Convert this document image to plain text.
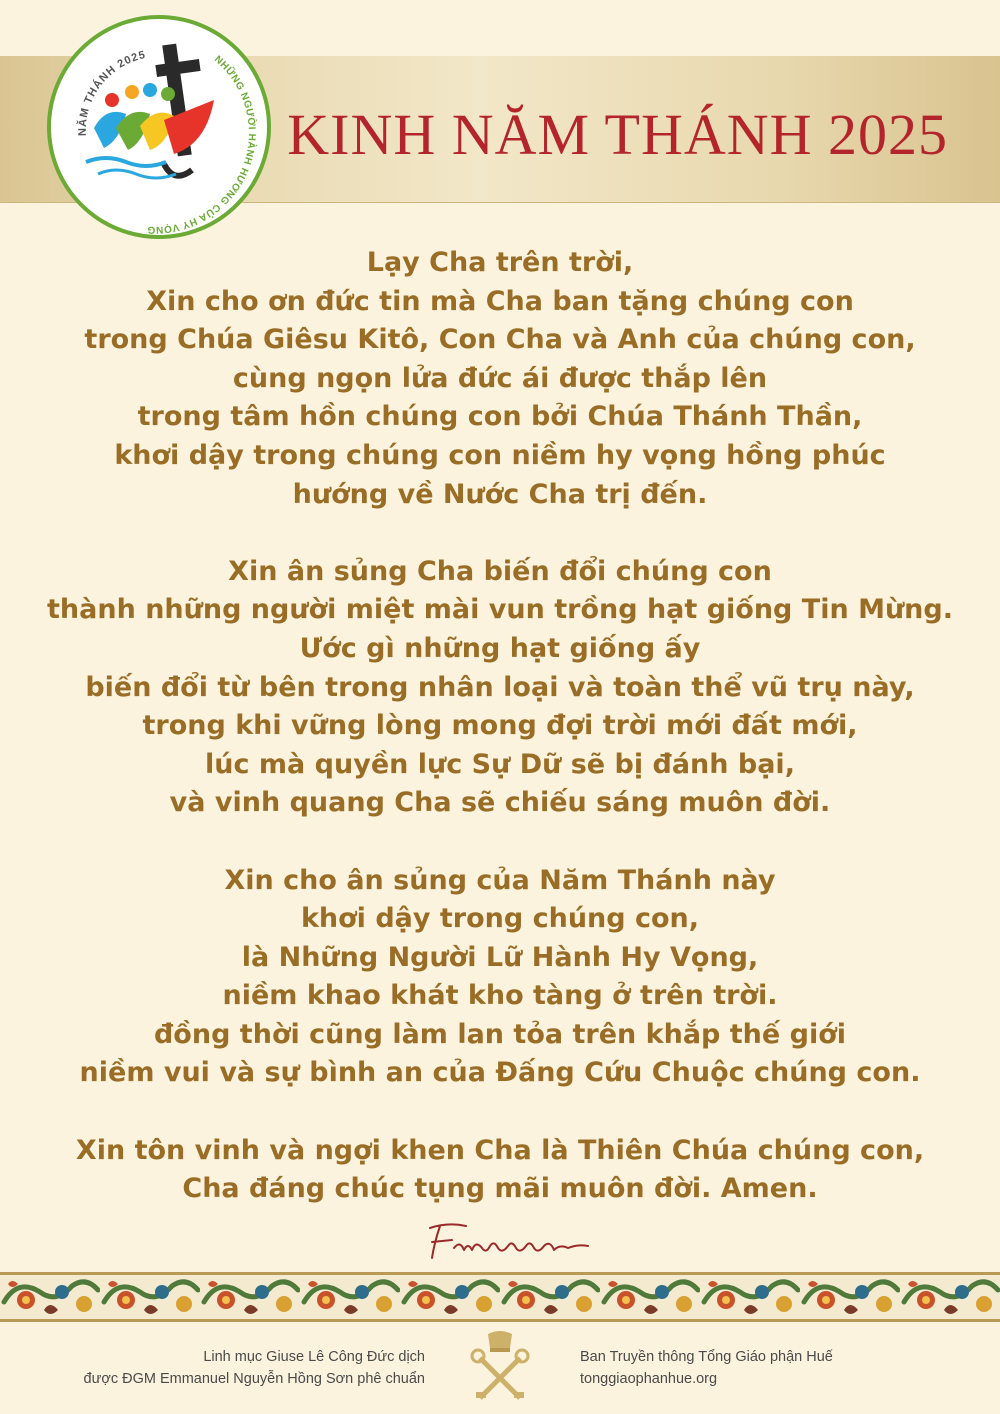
KINH NĂM THÁNH 2025
NĂM THÁNH 2025	NHỮNG NGƯỜI HÀNH HƯƠNG CỦA HY VỌNG
Lạy Cha trên trời,
Xin cho ơn đức tin mà Cha ban tặng chúng con
trong Chúa Giêsu Kitô, Con Cha và Anh của chúng con,
cùng ngọn lửa đức ái được thắp lên
trong tâm hồn chúng con bởi Chúa Thánh Thần,
khơi dậy trong chúng con niềm hy vọng hồng phúc
hướng về Nước Cha trị đến.
Xin ân sủng Cha biến đổi chúng con
thành những người miệt mài vun trồng hạt giống Tin Mừng.
Ước gì những hạt giống ấy
biến đổi từ bên trong nhân loại và toàn thể vũ trụ này,
trong khi vững lòng mong đợi trời mới đất mới,
lúc mà quyền lực Sự Dữ sẽ bị đánh bại,
và vinh quang Cha sẽ chiếu sáng muôn đời.
Xin cho ân sủng của Năm Thánh này
khơi dậy trong chúng con,
là Những Người Lữ Hành Hy Vọng,
niềm khao khát kho tàng ở trên trời.
đồng thời cũng làm lan tỏa trên khắp thế giới
niềm vui và sự bình an của Đấng Cứu Chuộc chúng con.
Xin tôn vinh và ngợi khen Cha là Thiên Chúa chúng con,
Cha đáng chúc tụng mãi muôn đời. Amen.
Linh mục Giuse Lê Công Đức dịch
được ĐGM Emmanuel Nguyễn Hồng Sơn phê chuẩn
Ban Truyền thông Tổng Giáo phận Huế
tonggiaophanhue.org
